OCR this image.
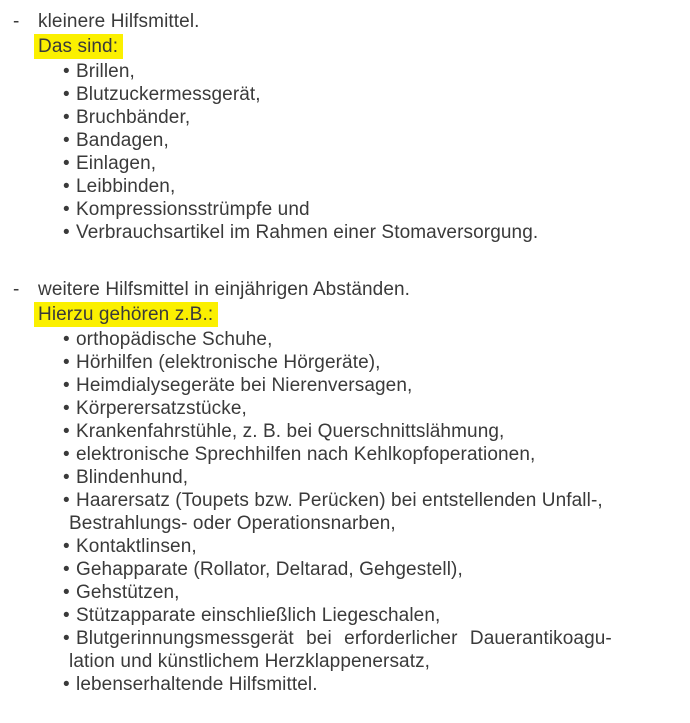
- kleinere Hilfsmittel.
Das sind:
• Brillen,
• Blutzuckermessgerät,
• Bruchbänder,
• Bandagen,
• Einlagen,
• Leibbinden,
• Kompressionsstrümpfe und
• Verbrauchsartikel im Rahmen einer Stomaversorgung.
- weitere Hilfsmittel in einjährigen Abständen.
Hierzu gehören z.B.:
• orthopädische Schuhe,
• Hörhilfen (elektronische Hörgeräte),
• Heimdialysegeräte bei Nierenversagen,
• Körperersatzstücke,
• Krankenfahrstühle, z. B. bei Querschnittslähmung,
• elektronische Sprechhilfen nach Kehlkopfoperationen,
• Blindenhund,
• Haarersatz (Toupets bzw. Perücken) bei entstellenden Unfall-,
Bestrahlungs- oder Operationsnarben,
• Kontaktlinsen,
• Gehapparate (Rollator, Deltarad, Gehgestell),
• Gehstützen,
• Stützapparate einschließlich Liegeschalen,
• Blutgerinnungsmessgerät bei erforderlicher Dauerantikoagu-
lation und künstlichem Herzklappenersatz,
• lebenserhaltende Hilfsmittel.
